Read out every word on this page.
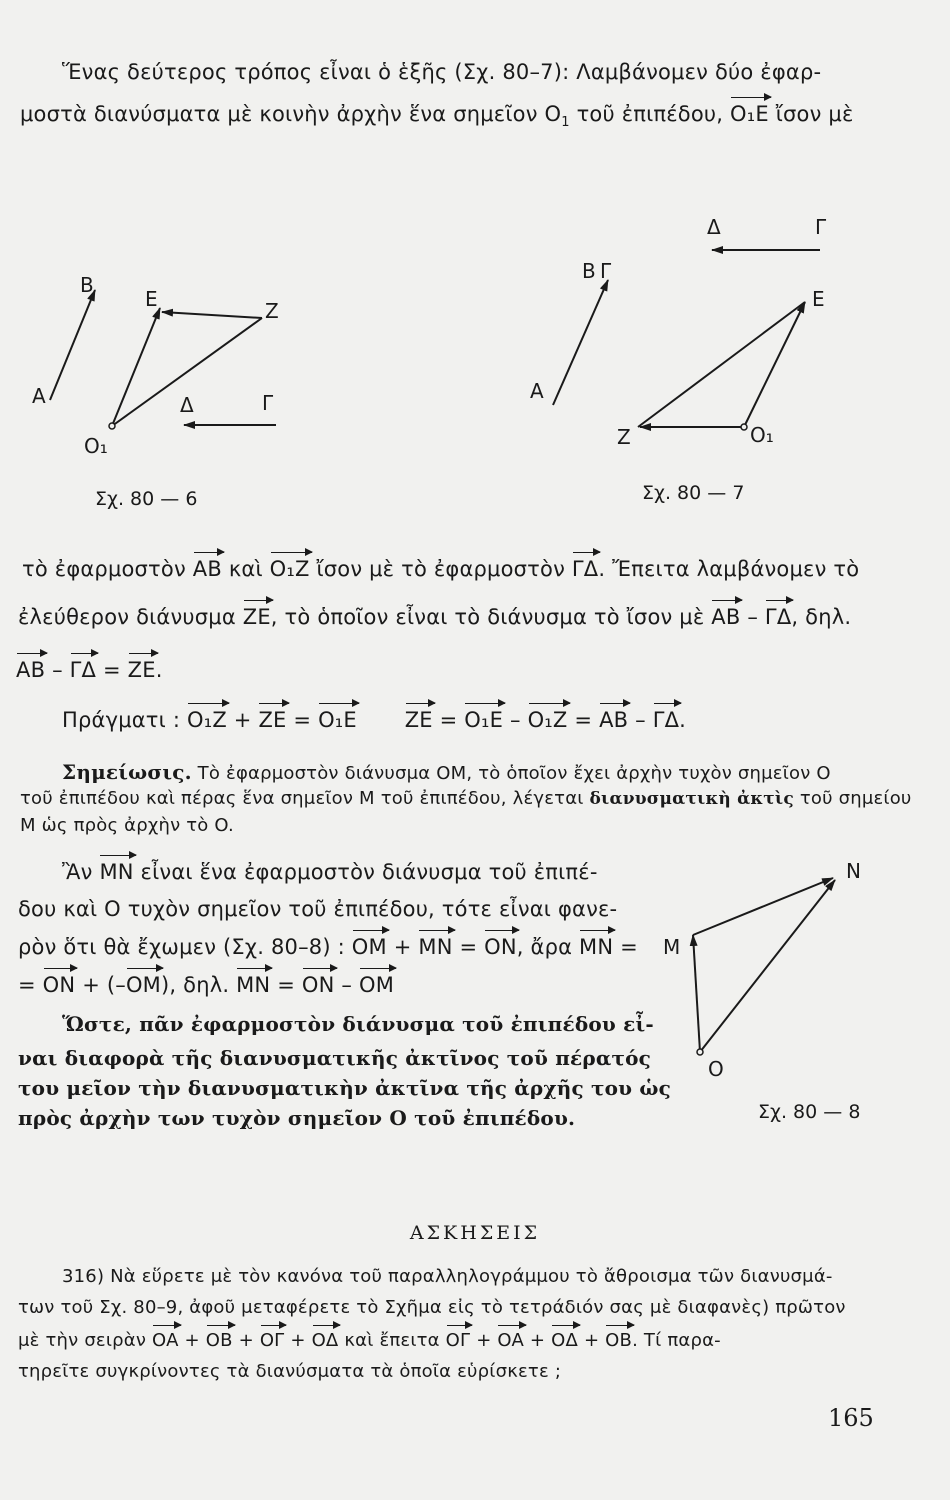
Ἕνας δεύτερος τρόπος εἶναι ὁ ἑξῆς (Σχ. 80–7): Λαμβάνομεν δύο ἐφαρ-
μοστὰ διανύσματα μὲ κοινὴν ἀρχὴν ἕνα σημεῖον $O_1$ τοῦ ἐπιπέδου, O₁E ἴσον μὲ
B
A
E	Z
Δ	Γ
O₁
Σχ. 80 — 6
Δ	Γ
B Γ
E
A
Z	O₁
Σχ. 80 — 7
N
M
O
Σχ. 80 — 8
τὸ ἐφαρμοστὸν AB καὶ O₁Z ἴσον μὲ τὸ ἐφαρμοστὸν ΓΔ. Ἔπειτα λαμβάνομεν τὸ
ἐλεύθερον διάνυσμα ZE, τὸ ὁποῖον εἶναι τὸ διάνυσμα τὸ ἴσον μὲ AB – ΓΔ, δηλ.
AB – ΓΔ = ZE.
Πράγματι : O₁Z + ZE = O₁E ZE = O₁E – O₁Z = AB – ΓΔ.
Σημείωσις. Τὸ ἐφαρμοστὸν διάνυσμα OM, τὸ ὁποῖον ἔχει ἀρχὴν τυχὸν σημεῖον O
τοῦ ἐπιπέδου καὶ πέρας ἕνα σημεῖον M τοῦ ἐπιπέδου, λέγεται διανυσματικὴ ἀκτὶς τοῦ σημείου
M ὡς πρὸς ἀρχὴν τὸ O.
Ἂν MN εἶναι ἕνα ἐφαρμοστὸν διάνυσμα τοῦ ἐπιπέ-
δου καὶ O τυχὸν σημεῖον τοῦ ἐπιπέδου, τότε εἶναι φανε-
ρὸν ὅτι θὰ ἔχωμεν (Σχ. 80–8) : OM + MN = ON, ἄρα MN =
= ON + (–OM), δηλ. MN = ON – OM
Ὥστε, πᾶν ἐφαρμοστὸν διάνυσμα τοῦ ἐπιπέδου εἶ-
ναι διαφορὰ τῆς διανυσματικῆς ἀκτῖνος τοῦ πέρατός
του μεῖον τὴν διανυσματικὴν ἀκτῖνα τῆς ἀρχῆς του ὡς
πρὸς ἀρχὴν των τυχὸν σημεῖον O τοῦ ἐπιπέδου.
ΑΣΚΗΣΕΙΣ
316) Νὰ εὕρετε μὲ τὸν κανόνα τοῦ παραλληλογράμμου τὸ ἄθροισμα τῶν διανυσμά-
των τοῦ Σχ. 80–9, ἀφοῦ μεταφέρετε τὸ Σχῆμα εἰς τὸ τετράδιόν σας μὲ διαφανὲς) πρῶτον
μὲ τὴν σειρὰν OA + OB + OΓ + OΔ καὶ ἔπειτα OΓ + OA + OΔ + OB. Τί παρα-
τηρεῖτε συγκρίνοντες τὰ διανύσματα τὰ ὁποῖα εὑρίσκετε ;
165
